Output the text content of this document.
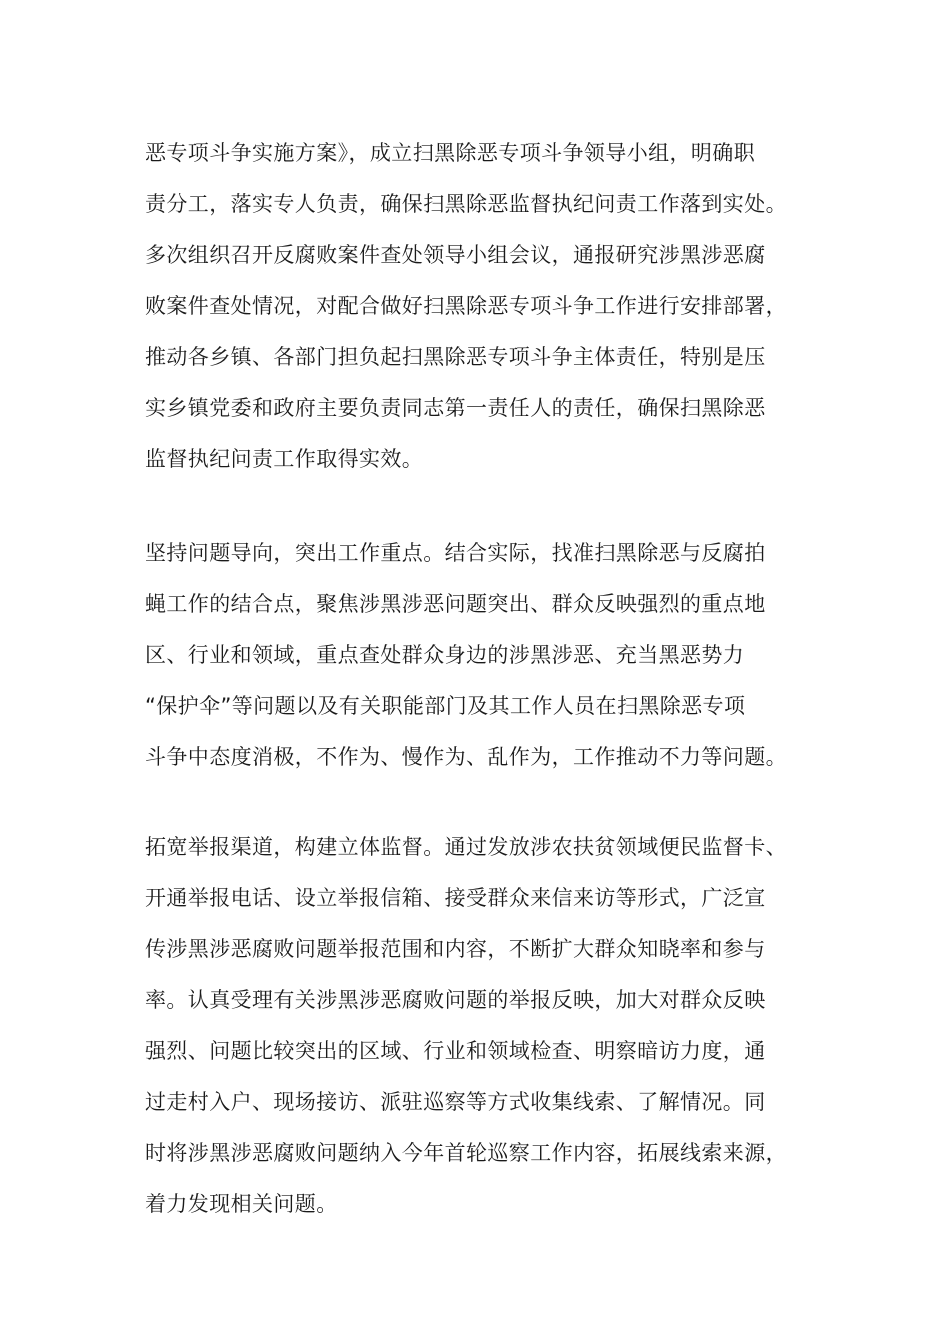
恶专项斗争实施方案》，成立扫黑除恶专项斗争领导小组，明确职
责分工，落实专人负责，确保扫黑除恶监督执纪问责工作落到实处。
多次组织召开反腐败案件查处领导小组会议，通报研究涉黑涉恶腐
败案件查处情况，对配合做好扫黑除恶专项斗争工作进行安排部署，
推动各乡镇、各部门担负起扫黑除恶专项斗争主体责任，特别是压
实乡镇党委和政府主要负责同志第一责任人的责任，确保扫黑除恶
监督执纪问责工作取得实效。
坚持问题导向，突出工作重点。结合实际，找准扫黑除恶与反腐拍
蝇工作的结合点，聚焦涉黑涉恶问题突出、群众反映强烈的重点地
区、行业和领域，重点查处群众身边的涉黑涉恶、充当黑恶势力
“保护伞”等问题以及有关职能部门及其工作人员在扫黑除恶专项
斗争中态度消极，不作为、慢作为、乱作为，工作推动不力等问题。
拓宽举报渠道，构建立体监督。通过发放涉农扶贫领域便民监督卡、
开通举报电话、设立举报信箱、接受群众来信来访等形式，广泛宣
传涉黑涉恶腐败问题举报范围和内容，不断扩大群众知晓率和参与
率。认真受理有关涉黑涉恶腐败问题的举报反映，加大对群众反映
强烈、问题比较突出的区域、行业和领域检查、明察暗访力度，通
过走村入户、现场接访、派驻巡察等方式收集线索、了解情况。同
时将涉黑涉恶腐败问题纳入今年首轮巡察工作内容，拓展线索来源，
着力发现相关问题。
